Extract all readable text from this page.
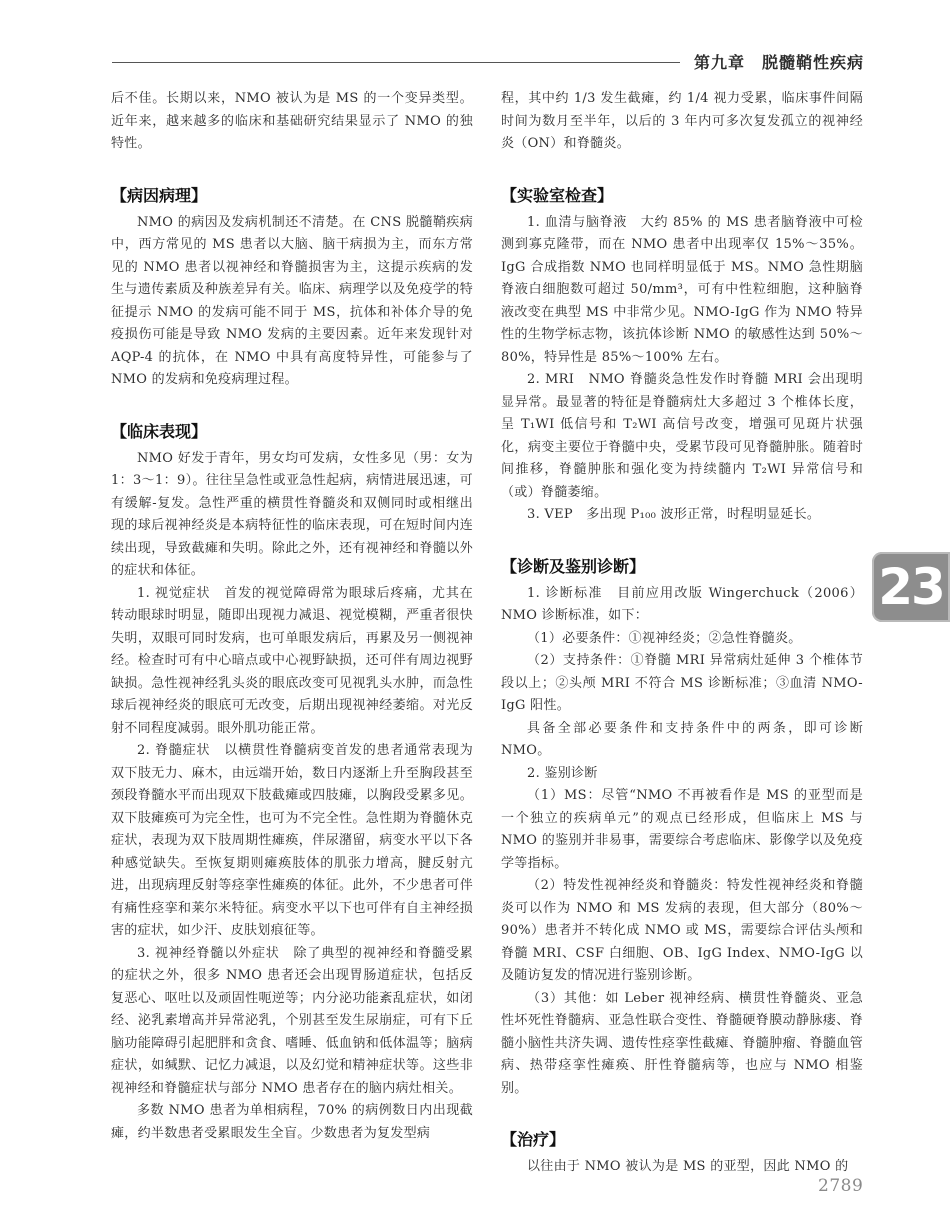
第九章　脱髓鞘性疾病

后不佳。长期以来，NMO 被认为是 MS 的一个变异类型。近年来，越来越多的临床和基础研究结果显示了 NMO 的独特性。

【病因病理】

NMO 的病因及发病机制还不清楚。在 CNS 脱髓鞘疾病中，西方常见的 MS 患者以大脑、脑干病损为主，而东方常见的 NMO 患者以视神经和脊髓损害为主，这提示疾病的发生与遗传素质及种族差异有关。临床、病理学以及免疫学的特征提示 NMO 的发病可能不同于 MS，抗体和补体介导的免疫损伤可能是导致 NMO 发病的主要因素。近年来发现针对 AQP-4 的抗体，在 NMO 中具有高度特异性，可能参与了 NMO 的发病和免疫病理过程。

【临床表现】

NMO 好发于青年，男女均可发病，女性多见（男：女为 1：3～1：9）。往往呈急性或亚急性起病，病情进展迅速，可有缓解-复发。急性严重的横贯性脊髓炎和双侧同时或相继出现的球后视神经炎是本病特征性的临床表现，可在短时间内连续出现，导致截瘫和失明。除此之外，还有视神经和脊髓以外的症状和体征。

1. 视觉症状　首发的视觉障碍常为眼球后疼痛，尤其在转动眼球时明显，随即出现视力减退、视觉模糊，严重者很快失明，双眼可同时发病，也可单眼发病后，再累及另一侧视神经。检查时可有中心暗点或中心视野缺损，还可伴有周边视野缺损。急性视神经乳头炎的眼底改变可见视乳头水肿，而急性球后视神经炎的眼底可无改变，后期出现视神经萎缩。对光反射不同程度减弱。眼外肌功能正常。

2. 脊髓症状　以横贯性脊髓病变首发的患者通常表现为双下肢无力、麻木，由远端开始，数日内逐渐上升至胸段甚至颈段脊髓水平而出现双下肢截瘫或四肢瘫，以胸段受累多见。双下肢瘫痪可为完全性，也可为不完全性。急性期为脊髓休克症状，表现为双下肢周期性瘫痪，伴尿潴留，病变水平以下各种感觉缺失。至恢复期则瘫痪肢体的肌张力增高，腱反射亢进，出现病理反射等痉挛性瘫痪的体征。此外，不少患者可伴有痛性痉挛和莱尔米特征。病变水平以下也可伴有自主神经损害的症状，如少汗、皮肤划痕征等。

3. 视神经脊髓以外症状　除了典型的视神经和脊髓受累的症状之外，很多 NMO 患者还会出现胃肠道症状，包括反复恶心、呕吐以及顽固性呃逆等；内分泌功能紊乱症状，如闭经、泌乳素增高并异常泌乳，个别甚至发生尿崩症，可有下丘脑功能障碍引起肥胖和贪食、嗜睡、低血钠和低体温等；脑病症状，如缄默、记忆力减退，以及幻觉和精神症状等。这些非视神经和脊髓症状与部分 NMO 患者存在的脑内病灶相关。

多数 NMO 患者为单相病程，70% 的病例数日内出现截瘫，约半数患者受累眼发生全盲。少数患者为复发型病

程，其中约 1/3 发生截瘫，约 1/4 视力受累，临床事件间隔时间为数月至半年，以后的 3 年内可多次复发孤立的视神经炎（ON）和脊髓炎。

【实验室检查】

1. 血清与脑脊液　大约 85% 的 MS 患者脑脊液中可检测到寡克隆带，而在 NMO 患者中出现率仅 15%～35%。IgG 合成指数 NMO 也同样明显低于 MS。NMO 急性期脑脊液白细胞数可超过 50/mm³，可有中性粒细胞，这种脑脊液改变在典型 MS 中非常少见。NMO-IgG 作为 NMO 特异性的生物学标志物，该抗体诊断 NMO 的敏感性达到 50%～80%，特异性是 85%～100% 左右。

2. MRI　NMO 脊髓炎急性发作时脊髓 MRI 会出现明显异常。最显著的特征是脊髓病灶大多超过 3 个椎体长度，呈 T₁WI 低信号和 T₂WI 高信号改变，增强可见斑片状强化，病变主要位于脊髓中央，受累节段可见脊髓肿胀。随着时间推移，脊髓肿胀和强化变为持续髓内 T₂WI 异常信号和（或）脊髓萎缩。

3. VEP　多出现 P₁₀₀ 波形正常，时程明显延长。

【诊断及鉴别诊断】

1. 诊断标准　目前应用改版 Wingerchuck（2006）NMO 诊断标准，如下：

（1）必要条件：①视神经炎；②急性脊髓炎。

（2）支持条件：①脊髓 MRI 异常病灶延伸 3 个椎体节段以上；②头颅 MRI 不符合 MS 诊断标准；③血清 NMO-IgG 阳性。

具备全部必要条件和支持条件中的两条，即可诊断 NMO。

2. 鉴别诊断

（1）MS：尽管“NMO 不再被看作是 MS 的亚型而是一个独立的疾病单元”的观点已经形成，但临床上 MS 与 NMO 的鉴别并非易事，需要综合考虑临床、影像学以及免疫学等指标。

（2）特发性视神经炎和脊髓炎：特发性视神经炎和脊髓炎可以作为 NMO 和 MS 发病的表现，但大部分（80%～90%）患者并不转化成 NMO 或 MS，需要综合评估头颅和脊髓 MRI、CSF 白细胞、OB、IgG Index、NMO-IgG 以及随访复发的情况进行鉴别诊断。

（3）其他：如 Leber 视神经病、横贯性脊髓炎、亚急性坏死性脊髓病、亚急性联合变性、脊髓硬脊膜动静脉瘘、脊髓小脑性共济失调、遗传性痉挛性截瘫、脊髓肿瘤、脊髓血管病、热带痉挛性瘫痪、肝性脊髓病等，也应与 NMO 相鉴别。

【治疗】

以往由于 NMO 被认为是 MS 的亚型，因此 NMO 的

23
2789
